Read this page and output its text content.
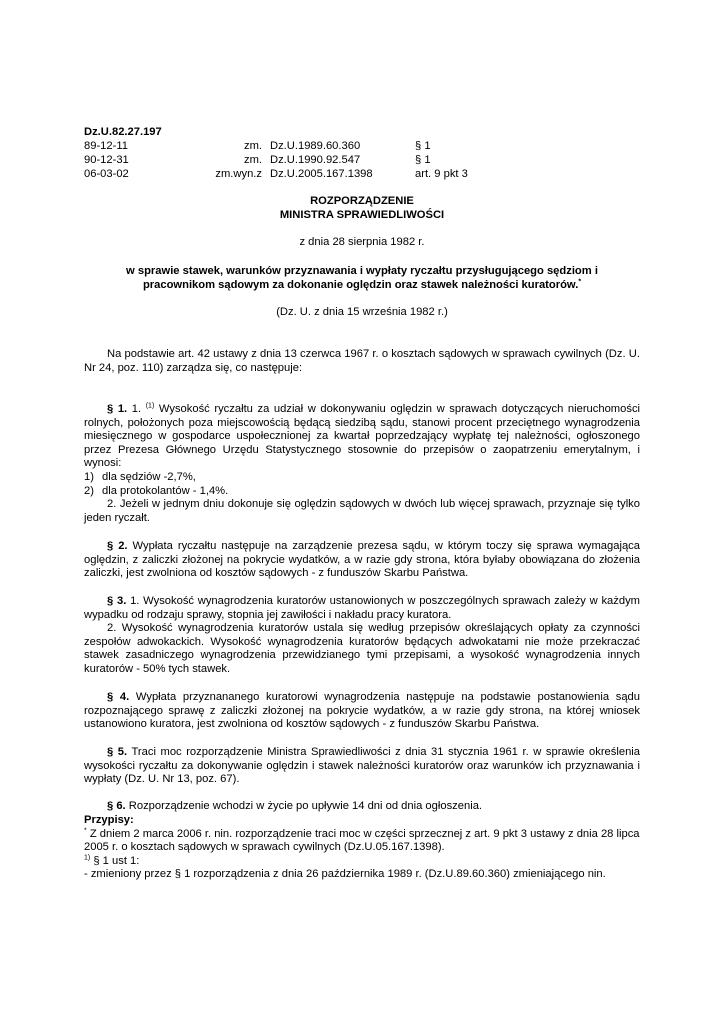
Dz.U.82.27.197
89-12-11	zm. Dz.U.1989.60.360	§ 1
90-12-31	zm. Dz.U.1990.92.547	§ 1
06-03-02	zm.wyn.z Dz.U.2005.167.1398	art. 9 pkt 3
ROZPORZĄDZENIE
MINISTRA SPRAWIEDLIWOŚCI
z dnia 28 sierpnia 1982 r.
w sprawie stawek, warunków przyznawania i wypłaty ryczałtu przysługującego sędziom i pracownikom sądowym za dokonanie oględzin oraz stawek należności kuratorów.*
(Dz. U. z dnia 15 września 1982 r.)

Na podstawie art. 42 ustawy z dnia 13 czerwca 1967 r. o kosztach sądowych w sprawach cywilnych (Dz. U. Nr 24, poz. 110) zarządza się, co następuje:

§ 1. 1. $^{(1)}$ Wysokość ryczałtu za udział w dokonywaniu oględzin w sprawach dotyczących nieruchomości rolnych, położonych poza miejscowością będącą siedzibą sądu, stanowi procent przeciętnego wynagrodzenia miesięcznego w gospodarce uspołecznionej za kwartał poprzedzający wypłatę tej należności, ogłoszonego przez Prezesa Głównego Urzędu Statystycznego stosownie do przepisów o zaopatrzeniu emerytalnym, i wynosi:

1) dla sędziów -2,7%,
2) dla protokolantów - 1,4%.

2. Jeżeli w jednym dniu dokonuje się oględzin sądowych w dwóch lub więcej sprawach, przyznaje się tylko jeden ryczałt.

§ 2. Wypłata ryczałtu następuje na zarządzenie prezesa sądu, w którym toczy się sprawa wymagająca oględzin, z zaliczki złożonej na pokrycie wydatków, a w razie gdy strona, która byłaby obowiązana do złożenia zaliczki, jest zwolniona od kosztów sądowych - z funduszów Skarbu Państwa.

§ 3. 1. Wysokość wynagrodzenia kuratorów ustanowionych w poszczególnych sprawach zależy w każdym wypadku od rodzaju sprawy, stopnia jej zawiłości i nakładu pracy kuratora.

2. Wysokość wynagrodzenia kuratorów ustala się według przepisów określających opłaty za czynności zespołów adwokackich. Wysokość wynagrodzenia kuratorów będących adwokatami nie może przekraczać stawek zasadniczego wynagrodzenia przewidzianego tymi przepisami, a wysokość wynagrodzenia innych kuratorów - 50% tych stawek.

§ 4. Wypłata przyznananego kuratorowi wynagrodzenia następuje na podstawie postanowienia sądu rozpoznającego sprawę z zaliczki złożonej na pokrycie wydatków, a w razie gdy strona, na której wniosek ustanowiono kuratora, jest zwolniona od kosztów sądowych - z funduszów Skarbu Państwa.

§ 5. Traci moc rozporządzenie Ministra Sprawiedliwości z dnia 31 stycznia 1961 r. w sprawie określenia wysokości ryczałtu za dokonywanie oględzin i stawek należności kuratorów oraz warunków ich przyznawania i wypłaty (Dz. U. Nr 13, poz. 67).

§ 6. Rozporządzenie wchodzi w życie po upływie 14 dni od dnia ogłoszenia.

Przypisy:

* Z dniem 2 marca 2006 r. nin. rozporządzenie traci moc w części sprzecznej z art. 9 pkt 3 ustawy z dnia 28 lipca 2005 r. o kosztach sądowych w sprawach cywilnych (Dz.U.05.167.1398).

$^{1)}$ § 1 ust 1:

- zmieniony przez § 1 rozporządzenia z dnia 26 października 1989 r. (Dz.U.89.60.360) zmieniającego nin.
